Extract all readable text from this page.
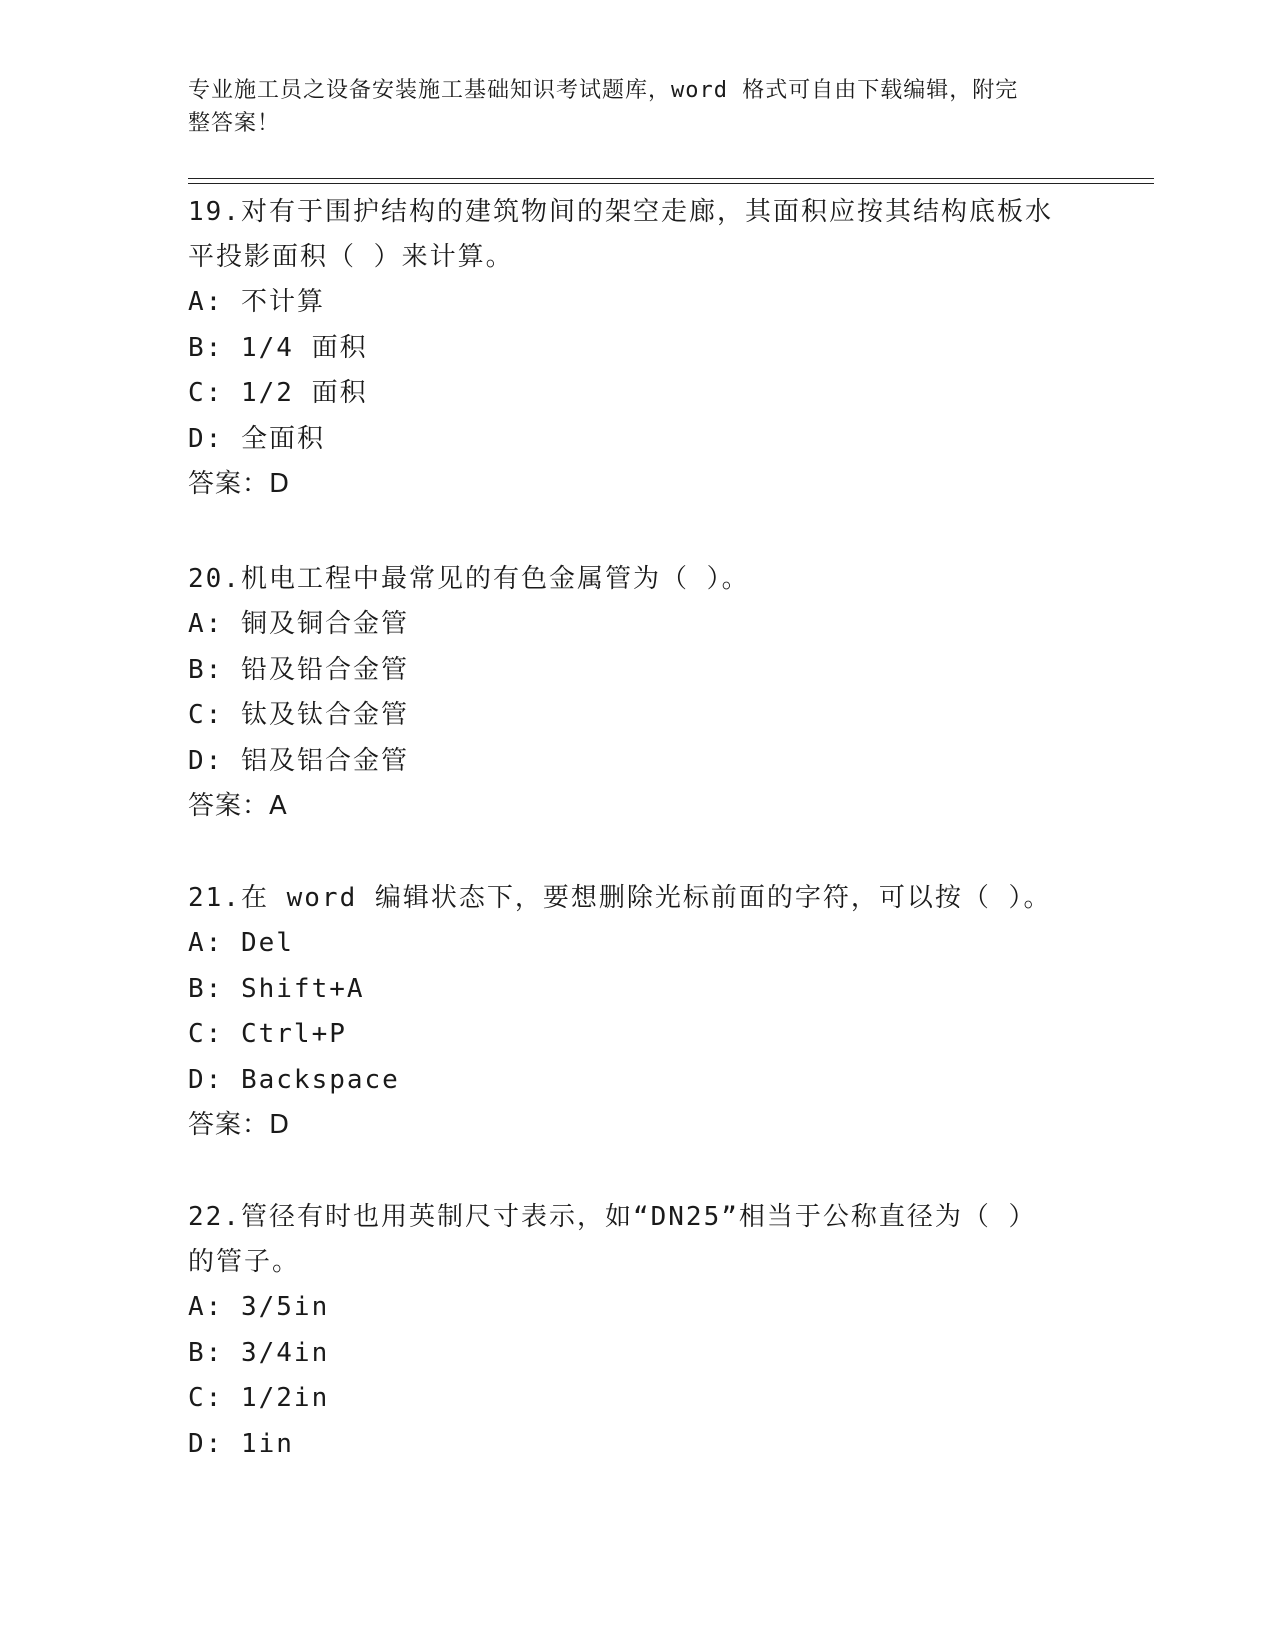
专业施工员之设备安装施工基础知识考试题库，word 格式可自由下载编辑，附完
整答案！

19.对有于围护结构的建筑物间的架空走廊，其面积应按其结构底板水

平投影面积（ ）来计算。

A: 不计算

B: 1/4 面积

C: 1/2 面积

D: 全面积

答案：D

20.机电工程中最常见的有色金属管为（ ）。

A: 铜及铜合金管

B: 铅及铅合金管

C: 钛及钛合金管

D: 铝及铝合金管

答案：A

21.在 word 编辑状态下，要想删除光标前面的字符，可以按（ ）。

A: Del

B: Shift+A

C: Ctrl+P

D: Backspace

答案：D

22.管径有时也用英制尺寸表示，如“DN25”相当于公称直径为（ ）

的管子。

A: 3/5in

B: 3/4in

C: 1/2in

D: 1in
